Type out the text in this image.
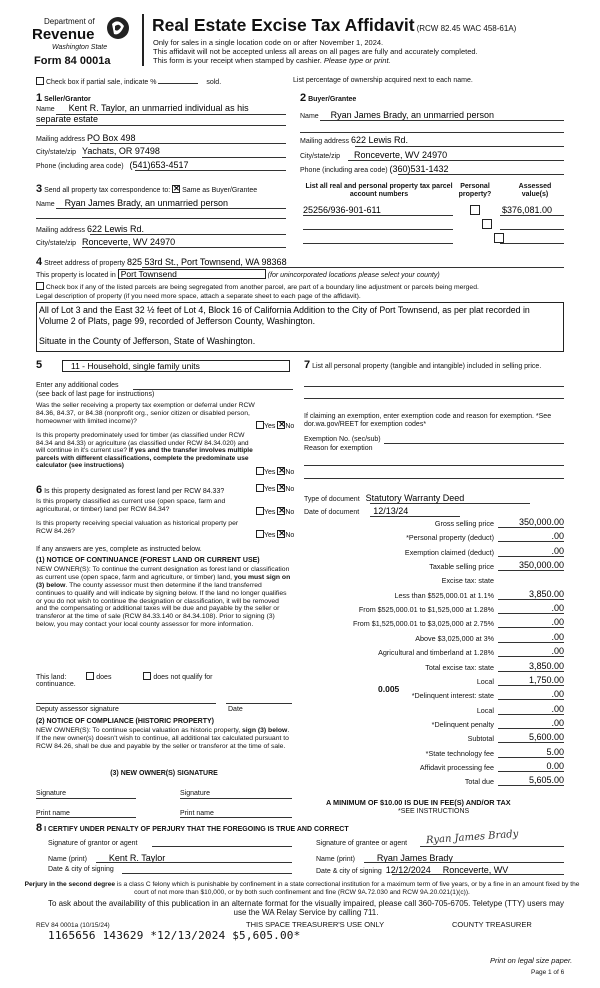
Department of
Revenue
Washington State
Form 84 0001a
Real Estate Excise Tax Affidavit (RCW 82.45 WAC 458-61A)
Only for sales in a single location code on or after November 1, 2024.
This affidavit will not be accepted unless all areas on all pages are fully and accurately completed.
This form is your receipt when stamped by cashier. Please type or print.
Check box if partial sale, indicate %	sold.	List percentage of ownership acquired next to each name.
1 Seller/Grantor
Name Kent R. Taylor, an unmarried individual as his
separate estate
Mailing address PO Box 498
City/state/zip Yachats, OR 97498
Phone (including area code) (541)653-4517
2 Buyer/Grantee
Name Ryan James Brady, an unmarried person
Mailing address 622 Lewis Rd.
City/state/zip Ronceverte, WV 24970
Phone (including area code) (360)531-1432
3 Send all property tax correspondence to: ✕ Same as Buyer/Grantee
Name Ryan James Brady, an unmarried person
Mailing address 622 Lewis Rd.
City/state/zip Ronceverte, WV 24970
List all real and personal property tax parcel account numbers
Personal property?
Assessed value(s)
25256/936-901-611
	$376,081.00
4 Street address of property 825 53rd St., Port Townsend, WA 98368
This property is located in Port Townsend	(for unincorporated locations please select your county)
Check box if any of the listed parcels are being segregated from another parcel, are part of a boundary line adjustment or parcels being merged.
Legal description of property (if you need more space, attach a separate sheet to each page of the affidavit).
All of Lot 3 and the East 32 ½ feet of Lot 4, Block 16 of California Addition to the City of Port Townsend, as per plat recorded in Volume 2 of Plats, page 99, recorded of Jefferson County, Washington.
Situate in the County of Jefferson, State of Washington.
5	11 - Household, single family units
Enter any additional codes
(see back of last page for instructions)
Was the seller receiving a property tax exemption or deferral under RCW 84.36, 84.37, or 84.38 (nonprofit org., senior citizen or disabled person, homeowner with limited income)?
Yes ✕ No
Is this property predominately used for timber (as classified under RCW 84.34 and 84.33) or agriculture (as classified under RCW 84.34.020) and will continue in it's current use? If yes and the transfer involves multiple parcels with different classifications, complete the predominate use calculator (see instructions)
Yes ✕ No
7 List all personal property (tangible and intangible) included in selling price.
If claiming an exemption, enter exemption code and reason for exemption. *See dor.wa.gov/REET for exemption codes*
Exemption No. (sec/sub)
Reason for exemption
6 Is this property designated as forest land per RCW 84.33?	Yes ✕ No
Is this property classified as current use (open space, farm and agricultural, or timber) land per RCW 84.34?	Yes ✕ No
Is this property receiving special valuation as historical property per RCW 84.26?
Yes ✕ No
If any answers are yes, complete as instructed below.
(1) NOTICE OF CONTINUANCE (FOREST LAND OR CURRENT USE)
NEW OWNER(S): To continue the current designation as forest land or classification as current use (open space, farm and agriculture, or timber) land, you must sign on (3) below. The county assessor must then determine if the land transferred continues to qualify and will indicate by signing below. If the land no longer qualifies or you do not wish to continue the designation or classification, it will be removed and the compensating or additional taxes will be due and payable by the seller or transferor at the time of sale (RCW 84.33.140 or 84.34.108). Prior to signing (3) below, you may contact your local county assessor for more information.
This land:	does	does not qualify for
continuance.
Deputy assessor signature	Date
(2) NOTICE OF COMPLIANCE (HISTORIC PROPERTY)
NEW OWNER(S): To continue special valuation as historic property, sign (3) below. If the new owner(s) doesn't wish to continue, all additional tax calculated pursuant to RCW 84.26, shall be due and payable by the seller or transferor at the time of sale.
(3) NEW OWNER(S) SIGNATURE
Signature	Signature
Print name	Print name
Type of document Statutory Warranty Deed
Date of document 12/13/24
Gross selling price	350,000.00
*Personal property (deduct)	.00
Exemption claimed (deduct)	.00
Taxable selling price	350,000.00
Excise tax: state
Less than $525,000.01 at 1.1%	3,850.00
From $525,000.01 to $1,525,000 at 1.28%	.00
From $1,525,000.01 to $3,025,000 at 2.75%	.00
Above $3,025,000 at 3%	.00
Agricultural and timberland at 1.28%	.00
Total excise tax: state	3,850.00
Local	1,750.00
*Delinquent interest: state	.00
Local	.00
*Delinquent penalty	.00
Subtotal	5,600.00
*State technology fee	5.00
Affidavit processing fee	0.00
Total due	5,605.00
0.005
A MINIMUM OF $10.00 IS DUE IN FEE(S) AND/OR TAX
*SEE INSTRUCTIONS
8 I CERTIFY UNDER PENALTY OF PERJURY THAT THE FOREGOING IS TRUE AND CORRECT
Signature of grantor or agent
Name (print) Kent R. Taylor
Date & city of signing
Signature of grantee or agent Ryan James Brady
Name (print) Ryan James Brady
Date & city of signing 12/12/2024 Ronceverte, WV
Perjury in the second degree is a class C felony which is punishable by confinement in a state correctional institution for a maximum term of five years, or by a fine in an amount fixed by the court of not more than $10,000, or by both such confinement and fine (RCW 9A.72.030 and RCW 9A.20.021(1)(c)).
To ask about the availability of this publication in an alternate format for the visually impaired, please call 360-705-6705. Teletype (TTY) users may use the WA Relay Service by calling 711.
REV 84 0001a (10/15/24)	THIS SPACE TREASURER'S USE ONLY	COUNTY TREASURER
1165656 143629 *12/13/2024 $5,605.00*
Print on legal size paper.
Page 1 of 6
